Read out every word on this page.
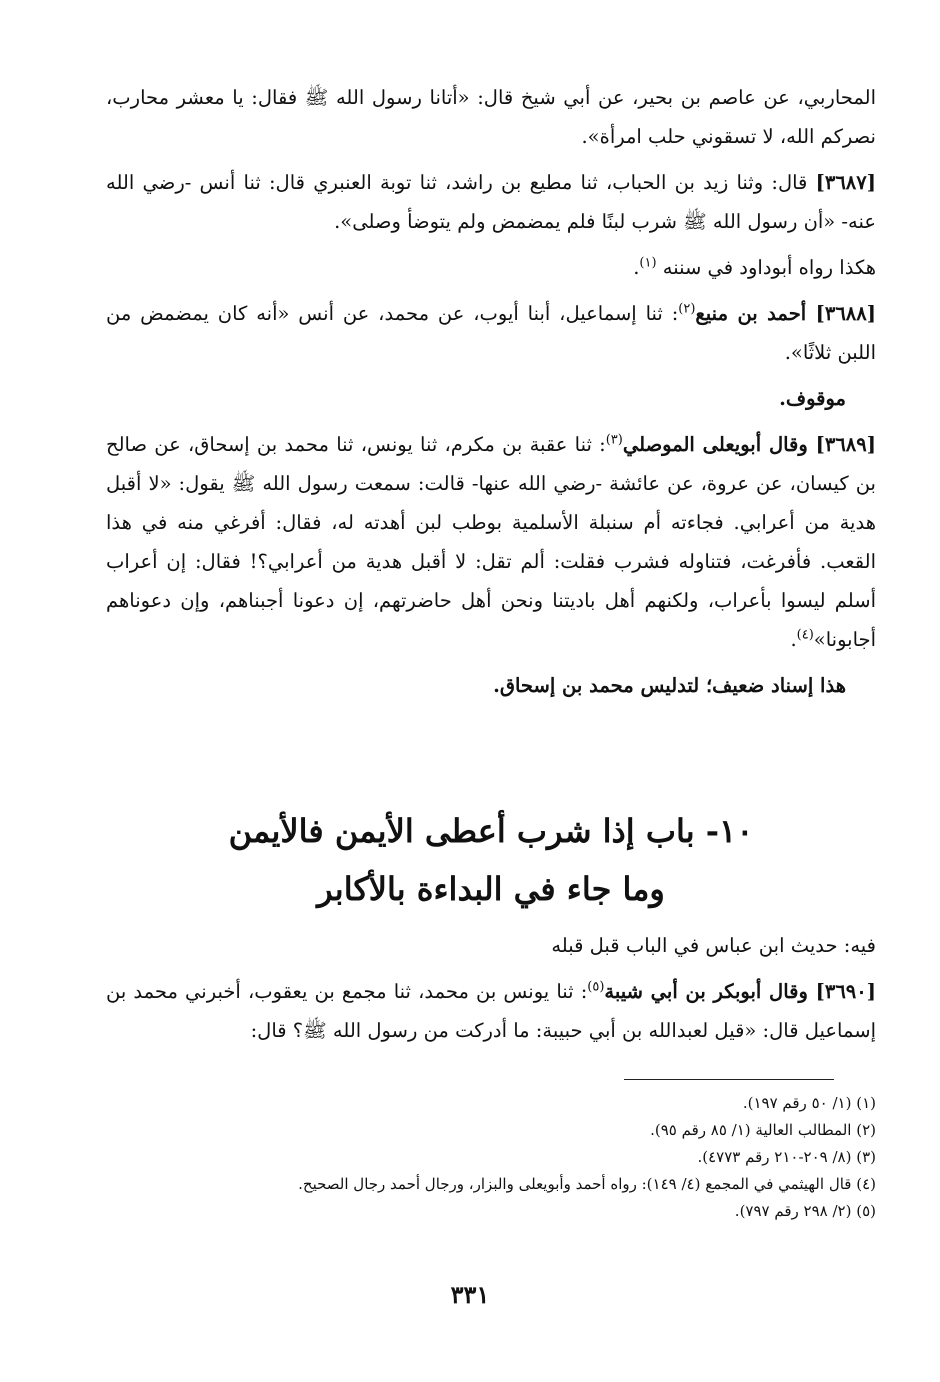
المحاربي، عن عاصم بن بحير، عن أبي شيخ قال: «أتانا رسول الله ﷺ فقال: يا معشر محارب، نصركم الله، لا تسقوني حلب امرأة».

[٣٦٨٧] قال: وثنا زيد بن الحباب، ثنا مطيع بن راشد، ثنا توبة العنبري قال: ثنا أنس -رضي الله عنه- «أن رسول الله ﷺ شرب لبنًا فلم يمضمض ولم يتوضأ وصلى».

هكذا رواه أبوداود في سننه $^{(١)}$.

[٣٦٨٨] أحمد بن منيع$^{(٢)}$: ثنا إسماعيل، أبنا أيوب، عن محمد، عن أنس «أنه كان يمضمض من اللبن ثلاثًا».

موقوف.

[٣٦٨٩] وقال أبويعلى الموصلي$^{(٣)}$: ثنا عقبة بن مكرم، ثنا يونس، ثنا محمد بن إسحاق، عن صالح بن كيسان، عن عروة، عن عائشة -رضي الله عنها- قالت: سمعت رسول الله ﷺ يقول: «لا أقبل هدية من أعرابي. فجاءته أم سنبلة الأسلمية بوطب لبن أهدته له، فقال: أفرغي منه في هذا القعب. فأفرغت، فتناوله فشرب فقلت: ألم تقل: لا أقبل هدية من أعرابي؟! فقال: إن أعراب أسلم ليسوا بأعراب، ولكنهم أهل باديتنا ونحن أهل حاضرتهم، إن دعونا أجبناهم، وإن دعوناهم أجابونا»$^{(٤)}$.

هذا إسناد ضعيف؛ لتدليس محمد بن إسحاق.

١٠- باب إذا شرب أعطى الأيمن فالأيمن

وما جاء في البداءة بالأكابر

فيه: حديث ابن عباس في الباب قبل قبله

[٣٦٩٠] وقال أبوبكر بن أبي شيبة$^{(٥)}$: ثنا يونس بن محمد، ثنا مجمع بن يعقوب، أخبرني محمد بن إسماعيل قال: «قيل لعبدالله بن أبي حبيبة: ما أدركت من رسول الله ﷺ؟ قال:

(١) (١/ ٥٠ رقم ١٩٧).
(٢) المطالب العالية (١/ ٨٥ رقم ٩٥).
(٣) (٨/ ٢٠٩-٢١٠ رقم ٤٧٧٣).
(٤) قال الهيثمي في المجمع (٤/ ١٤٩): رواه أحمد وأبويعلى والبزار، ورجال أحمد رجال الصحيح.
(٥) (٢/ ٢٩٨ رقم ٧٩٧).
٣٣١
